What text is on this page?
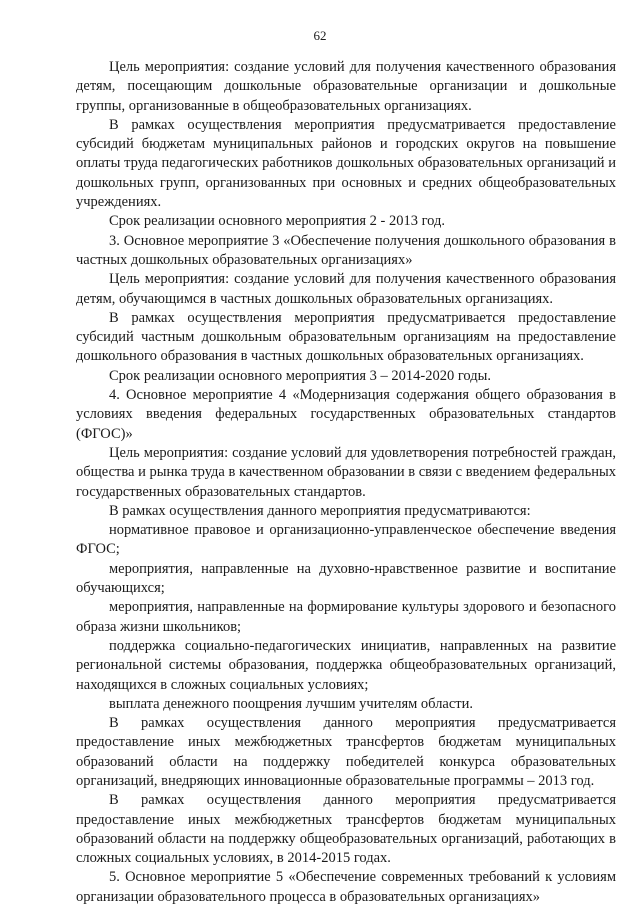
62

Цель мероприятия: создание условий для получения качественного образования детям, посещающим дошкольные образовательные организации и дошкольные группы, организованные в общеобразовательных организациях.

В рамках осуществления мероприятия предусматривается предоставление субсидий бюджетам муниципальных районов и городских округов на повышение оплаты труда педагогических работников дошкольных образовательных организаций и дошкольных групп, организованных при основных и средних общеобразовательных учреждениях.

Срок реализации основного мероприятия 2 - 2013 год.

3. Основное мероприятие 3 «Обеспечение получения дошкольного образования в частных дошкольных образовательных организациях»

Цель мероприятия: создание условий для получения качественного образования детям, обучающимся в частных дошкольных образовательных организациях.

В рамках осуществления мероприятия предусматривается предоставление субсидий частным дошкольным образовательным организациям на предоставление дошкольного образования в частных дошкольных образовательных организациях.

Срок реализации основного мероприятия 3 – 2014-2020 годы.

4. Основное мероприятие 4 «Модернизация содержания общего образования в условиях введения федеральных государственных образовательных стандартов (ФГОС)»

Цель мероприятия: создание условий для удовлетворения потребностей граждан, общества и рынка труда в качественном образовании в связи с введением федеральных государственных образовательных стандартов.

В рамках осуществления данного мероприятия предусматриваются:

нормативное правовое и организационно-управленческое обеспечение введения ФГОС;

мероприятия, направленные на духовно-нравственное развитие и воспитание обучающихся;

мероприятия, направленные на формирование культуры здорового и безопасного образа жизни школьников;

поддержка социально-педагогических инициатив, направленных на развитие региональной системы образования, поддержка общеобразовательных организаций, находящихся в сложных социальных условиях;

выплата денежного поощрения лучшим учителям области.

В рамках осуществления данного мероприятия предусматривается предоставление иных межбюджетных трансфертов бюджетам муниципальных образований области на поддержку победителей конкурса образовательных организаций, внедряющих инновационные образовательные программы – 2013 год.

В рамках осуществления данного мероприятия предусматривается предоставление иных межбюджетных трансфертов бюджетам муниципальных образований области на поддержку общеобразовательных организаций, работающих в сложных социальных условиях, в 2014-2015 годах.

5. Основное мероприятие 5 «Обеспечение современных требований к условиям организации образовательного процесса в образовательных организациях»
